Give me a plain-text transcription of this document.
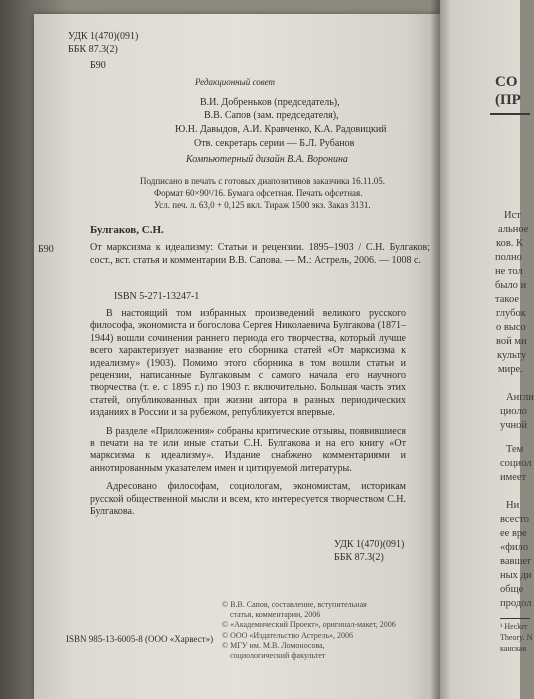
УДК 1(470)(091)
ББК 87.3(2)
Б90
Редакционный совет
В.И. Добреньков (председатель),
В.В. Сапов (зам. председателя),
Ю.Н. Давыдов, А.И. Кравченко, К.А. Радовицкий
Отв. секретарь серии — Б.Л. Рубанов
Компьютерный дизайн В.А. Воронина
Подписано в печать с готовых диапозитивов заказчика 16.11.05.
Формат 60×90¹/16. Бумага офсетная. Печать офсетная.
Усл. печ. л. 63,0 + 0,125 вкл. Тираж 1500 экз. Заказ 3131.
Булгаков, С.Н.
Б90	От марксизма к идеализму: Статьи и рецензии. 1895–1903 / С.Н. Булгаков; сост., вст. статья и комментарии В.В. Сапова. — М.: Астрель, 2006. — 1008 с.
ISBN 5-271-13247-1

В настоящий том избранных произведений великого русского философа, экономиста и богослова Сергея Николаевича Булгакова (1871–1944) вошли сочинения раннего периода его творчества, который лучше всего характеризует название его сборника статей «От марксизма к идеализму» (1903). Помимо этого сборника в том вошли статьи и рецензии, написанные Булгаковым с самого начала его научного творчества (т. е. с 1895 г.) по 1903 г. включительно. Большая часть этих статей, опубликованных при жизни автора в разных периодических изданиях в России и за рубежом, републикуется впервые.

В разделе «Приложения» собраны критические отзывы, появившиеся в печати на те или иные статьи С.Н. Булгакова и на его книгу «От марксизма к идеализму». Издание снабжено комментариями и аннотированным указателем имен и цитируемой литературы.

Адресовано философам, социологам, экономистам, историкам русской общественной мысли и всем, кто интересуется творчеством С.Н. Булгакова.

УДК 1(470)(091)
ББК 87.3(2)
ISBN 985-13-6005-8 (ООО «Харвест»)
© В.В. Сапов, составление, вступительная
статья, комментарии, 2006
© «Академический Проект», оригинал-макет, 2006
© ООО «Издательство Астрель», 2006
© МГУ им. М.В. Ломоносова,
социологический факультет
СО
(ПР
Ист
альное
ков. К
полно
не тол
было и
такое
глубок
о высо
вой ми
культу
мире.
Англи
циоло
учной
Тем
социол
имеет
Ни
всесто
ее вре
«фило
вавшег
ных ди
обще
продол
¹ Hecker
Theory. N
канская
